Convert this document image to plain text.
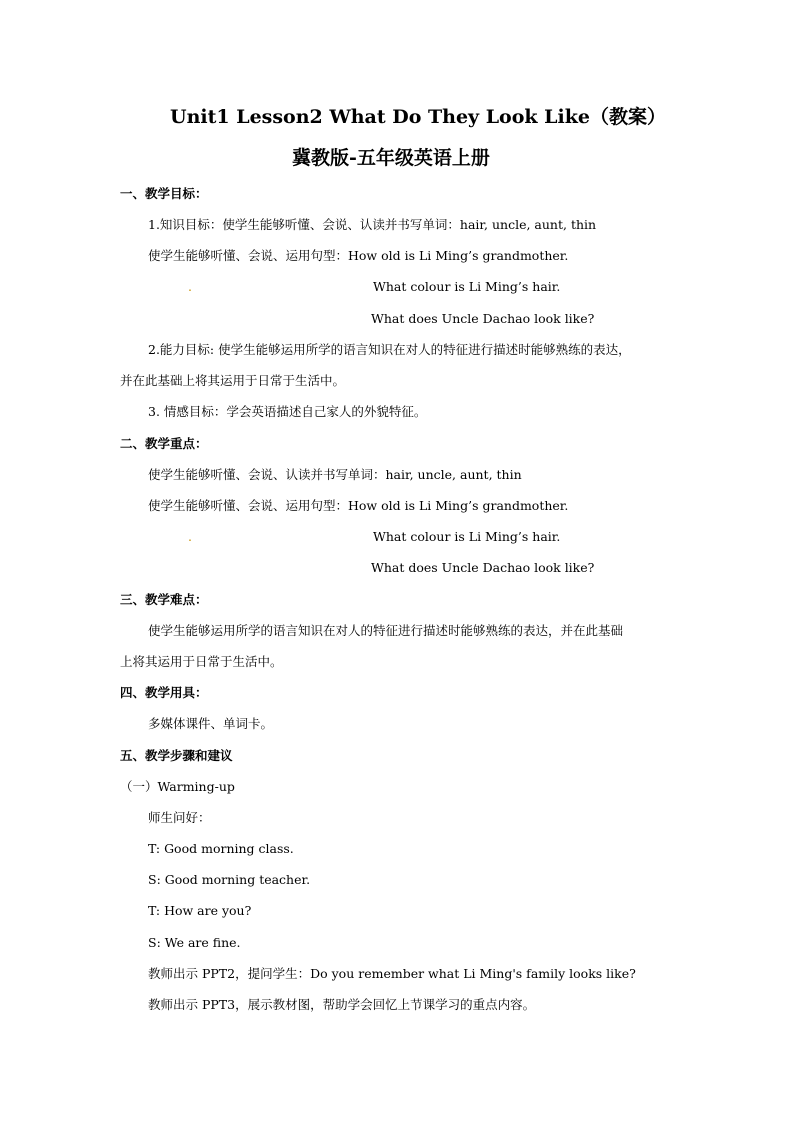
Unit1 Lesson2 What Do They Look Like（教案）
冀教版-五年级英语上册
一、教学目标：
1.知识目标：使学生能够听懂、会说、认读并书写单词：hair, uncle, aunt, thin
使学生能够听懂、会说、运用句型：How old is Li Ming’s grandmother.
.	What colour is Li Ming’s hair.
What does Uncle Dachao look like?
2.能力目标: 使学生能够运用所学的语言知识在对人的特征进行描述时能够熟练的表达，
并在此基础上将其运用于日常于生活中。
3. 情感目标：学会英语描述自己家人的外貌特征。
二、教学重点：
使学生能够听懂、会说、认读并书写单词：hair, uncle, aunt, thin
使学生能够听懂、会说、运用句型：How old is Li Ming’s grandmother.
.	What colour is Li Ming’s hair.
What does Uncle Dachao look like?
三、教学难点：
使学生能够运用所学的语言知识在对人的特征进行描述时能够熟练的表达，并在此基础
上将其运用于日常于生活中。
四、教学用具：
多媒体课件、单词卡。
五、教学步骤和建议
（一）Warming-up
师生问好：
T: Good morning class.
S: Good morning teacher.
T: How are you?
S: We are fine.
教师出示 PPT2，提问学生：Do you remember what Li Ming's family looks like?
教师出示 PPT3，展示教材图，帮助学会回忆上节课学习的重点内容。
